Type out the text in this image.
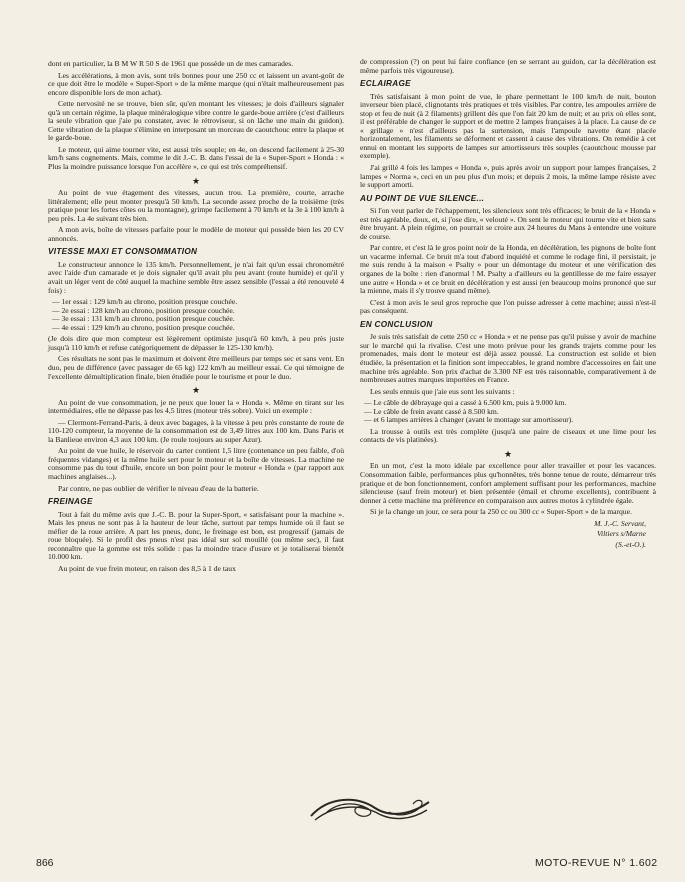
dont en particulier, la B M W R 50 S de 1961 que possède un de mes camarades.

Les accélérations, à mon avis, sont très bonnes pour une 250 cc et laissent un avant-goût de ce que doit être le modèle « Super-Sport » de la même marque (qui n'était malheureusement pas encore disponible lors de mon achat).

Cette nervosité ne se trouve, bien sûr, qu'en montant les vitesses; je dois d'ailleurs signaler qu'à un certain régime, la plaque minéralogique vibre contre le garde-boue arrière (c'est d'ailleurs la seule vibration que j'aie pu constater, avec le rétroviseur, si on lâche une main du guidon). Cette vibration de la plaque s'élimine en interposant un morceau de caoutchouc entre la plaque et le garde-boue.

Le moteur, qui aime tourner vite, est aussi très souple; en 4e, on descend facilement à 25-30 km/h sans cognements. Mais, comme le dit J.-C. B. dans l'essai de la « Super-Sport » Honda : « Plus la moindre puissance lorsque l'on accélère », ce qui est très compréhensif.

★

Au point de vue étagement des vitesses, aucun trou. La première, courte, arrache littéralement; elle peut monter presqu'à 50 km/h. La seconde assez proche de la troisième (très pratique pour les fortes côtes ou la montagne), grimpe facilement à 70 km/h et la 3e à 100 km/h à peu près. La 4e suivant très bien.

A mon avis, boîte de vitesses parfaite pour le modèle de moteur qui possède bien les 20 CV annoncés.

VITESSE MAXI ET CONSOMMATION

Le constructeur annonce le 135 km/h. Personnellement, je n'ai fait qu'un essai chronométré avec l'aide d'un camarade et je dois signaler qu'il avait plu peu avant (route humide) et qu'il y avait un léger vent de côté auquel la machine semble être assez sensible (l'essai a été renouvelé 4 fois) :

— 1er essai : 129 km/h au chrono, position presque couchée.
— 2e essai : 128 km/h au chrono, position presque couchée.
— 3e essai : 131 km/h au chrono, position presque couchée.
— 4e essai : 129 km/h au chrono, position presque couchée.

(Je dois dire que mon compteur est légèrement optimiste jusqu'à 60 km/h, à peu près juste jusqu'à 110 km/h et refuse catégoriquement de dépasser le 125-130 km/h).

Ces résultats ne sont pas le maximum et doivent être meilleurs par temps sec et sans vent. En duo, peu de différence (avec passager de 65 kg) 122 km/h au meilleur essai. Ce qui témoigne de l'excellente démultiplication finale, bien étudiée pour le tourisme et pour le duo.

★

Au point de vue consommation, je ne peux que louer la « Honda ». Même en tirant sur les intermédiaires, elle ne dépasse pas les 4,5 litres (moteur très sobre). Voici un exemple :

— Clermont-Ferrand-Paris, à deux avec bagages, à la vitesse à peu près constante de route de 110-120 compteur, la moyenne de la consommation est de 3,49 litres aux 100 km. Dans Paris et la Banlieue environ 4,3 aux 100 km. (Je roule toujours au super Azur).

Au point de vue huile, le réservoir du carter contient 1,5 litre (contenance un peu faible, d'où fréquentes vidanges) et la même huile sert pour le moteur et la boîte de vitesses. La machine ne consomme pas du tout d'huile, encore un bon point pour le moteur « Honda » (par rapport aux machines anglaises...).

Par contre, ne pas oublier de vérifier le niveau d'eau de la batterie.

FREINAGE

Tout à fait du même avis que J.-C. B. pour la Super-Sport, « satisfaisant pour la machine ». Mais les pneus ne sont pas à la hauteur de leur tâche, surtout par temps humide où il faut se méfier de la roue arrière. A part les pneus, donc, le freinage est bon, est progressif (jamais de roue bloquée). Si le profil des pneus n'est pas idéal sur sol mouillé (ou même sec), il faut reconnaître que la gomme est très solide : pas la moindre trace d'usure et je totaliserai bientôt 10.000 km.

Au point de vue frein moteur, en raison des 8,5 à 1 de taux

de compression (?) on peut lui faire confiance (en se serrant au guidon, car la décélération est même parfois très vigoureuse).

ECLAIRAGE

Très satisfaisant à mon point de vue, le phare permettant le 100 km/h de nuit, bouton inverseur bien placé, clignotants très pratiques et très visibles. Par contre, les ampoules arrière de stop et feu de nuit (à 2 filaments) grillent dès que l'on fait 20 km de nuit; et au prix où elles sont, il est préférable de changer le support et de mettre 2 lampes françaises à la place. La cause de ce « grillage » n'est d'ailleurs pas la surtension, mais l'ampoule navette étant placée horizontalement, les filaments se déforment et cassent à cause des vibrations. On remédie à cet ennui en montant les supports de lampes sur amortisseurs très souples (caoutchouc mousse par exemple).

J'ai grillé 4 fois les lampes « Honda », puis après avoir un support pour lampes françaises, 2 lampes « Norma », ceci en un peu plus d'un mois; et depuis 2 mois, la même lampe résiste avec le support amorti.

AU POINT DE VUE SILENCE...

Si l'on veut parler de l'échappement, les silencieux sont très efficaces; le bruit de la « Honda » est très agréable, doux, et, si j'ose dire, « velouté ». On sent le moteur qui tourne vite et bien sans être bruyant. A plein régime, on pourrait se croire aux 24 heures du Mans à entendre une voiture de course.

Par contre, et c'est là le gros point noir de la Honda, en décélération, les pignons de boîte font un vacarme infernal. Ce bruit m'a tout d'abord inquiété et comme le rodage fini, il persistait, je me suis rendu à la maison « Psalty » pour un démontage du moteur et une vérification des organes de la boîte : rien d'anormal ! M. Psalty a d'ailleurs eu la gentillesse de me faire essayer une autre « Honda » et ce bruit en décélération y est aussi (en beaucoup moins prononcé que sur la mienne, mais il s'y trouve quand même).

C'est à mon avis le seul gros reproche que l'on puisse adresser à cette machine; aussi n'est-il pas conséquent.

EN CONCLUSION

Je suis très satisfait de cette 250 cc « Honda » et ne pense pas qu'il puisse y avoir de machine sur le marché qui la rivalise. C'est une moto prévue pour les grands trajets comme pour les promenades, mais dont le moteur est déjà assez poussé. La construction est solide et bien étudiée, la présentation et la finition sont impeccables, le grand nombre d'accessoires en fait une machine très agréable. Son prix d'achat de 3.300 NF est très raisonnable, comparativement à de nombreuses autres marques importées en France.

Les seuls ennuis que j'aie eus sont les suivants :

— Le câble de débrayage qui a cassé à 6.500 km, puis à 9.000 km.
— Le câble de frein avant cassé à 8.500 km.
— et 6 lampes arrières à changer (avant le montage sur amortisseur).

La trousse à outils est très complète (jusqu'à une paire de ciseaux et une lime pour les contacts de vis platinées).

★

En un mot, c'est la moto idéale par excellence pour aller travailler et pour les vacances. Consommation faible, performances plus qu'honnêtes, très bonne tenue de route, démarreur très pratique et de bon fonctionnement, confort amplement suffisant pour les performances, machine silencieuse (sauf frein moteur) et bien présentée (émail et chrome excellents), contribuent à donner à cette machine ma préférence en comparaison aux autres motos à cylindrée égale.

Si je la change un jour, ce sera pour la 250 cc ou 300 cc « Super-Sport » de la marque.

M. J.-C. Servant,
Viltiers s/Marne
(S.-et-O.).
866	MOTO-REVUE N° 1.602
